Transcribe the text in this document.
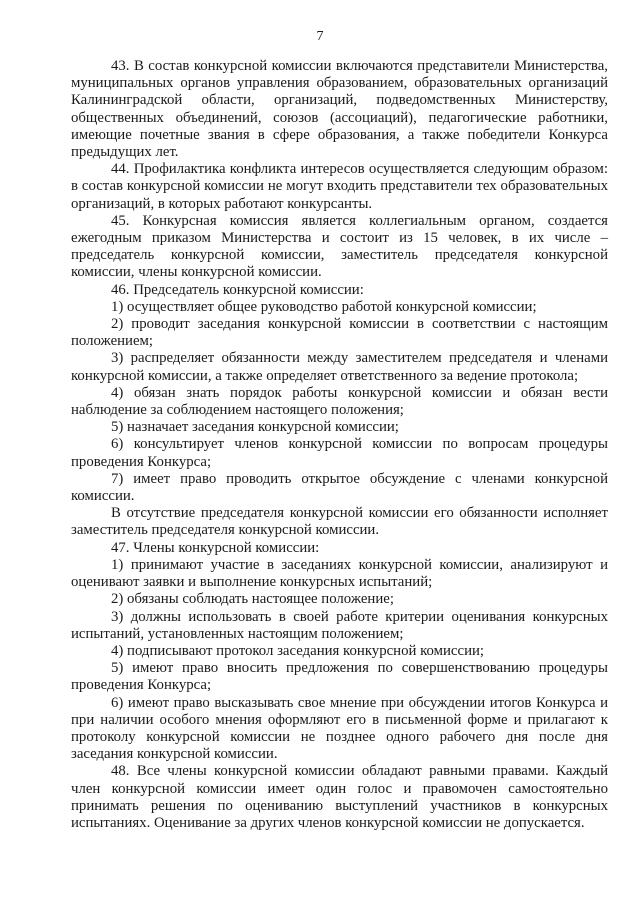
7

43. В состав конкурсной комиссии включаются представители Министерства, муниципальных органов управления образованием, образовательных организаций Калининградской области, организаций, подведомственных Министерству, общественных объединений, союзов (ассоциаций), педагогические работники, имеющие почетные звания в сфере образования, а также победители Конкурса предыдущих лет.

44. Профилактика конфликта интересов осуществляется следующим образом: в состав конкурсной комиссии не могут входить представители тех образовательных организаций, в которых работают конкурсанты.

45. Конкурсная комиссия является коллегиальным органом, создается ежегодным приказом Министерства и состоит из 15 человек, в их числе – председатель конкурсной комиссии, заместитель председателя конкурсной комиссии, члены конкурсной комиссии.

46. Председатель конкурсной комиссии:

1) осуществляет общее руководство работой конкурсной комиссии;

2) проводит заседания конкурсной комиссии в соответствии с настоящим положением;

3) распределяет обязанности между заместителем председателя и членами конкурсной комиссии, а также определяет ответственного за ведение протокола;

4) обязан знать порядок работы конкурсной комиссии и обязан вести наблюдение за соблюдением настоящего положения;

5) назначает заседания конкурсной комиссии;

6) консультирует членов конкурсной комиссии по вопросам процедуры проведения Конкурса;

7) имеет право проводить открытое обсуждение с членами конкурсной комиссии.

В отсутствие председателя конкурсной комиссии его обязанности исполняет заместитель председателя конкурсной комиссии.

47. Члены конкурсной комиссии:

1) принимают участие в заседаниях конкурсной комиссии, анализируют и оценивают заявки и выполнение конкурсных испытаний;

2) обязаны соблюдать настоящее положение;

3) должны использовать в своей работе критерии оценивания конкурсных испытаний, установленных настоящим положением;

4) подписывают протокол заседания конкурсной комиссии;

5) имеют право вносить предложения по совершенствованию процедуры проведения Конкурса;

6) имеют право высказывать свое мнение при обсуждении итогов Конкурса и при наличии особого мнения оформляют его в письменной форме и прилагают к протоколу конкурсной комиссии не позднее одного рабочего дня после дня заседания конкурсной комиссии.

48. Все члены конкурсной комиссии обладают равными правами. Каждый член конкурсной комиссии имеет один голос и правомочен самостоятельно принимать решения по оцениванию выступлений участников в конкурсных испытаниях. Оценивание за других членов конкурсной комиссии не допускается.
